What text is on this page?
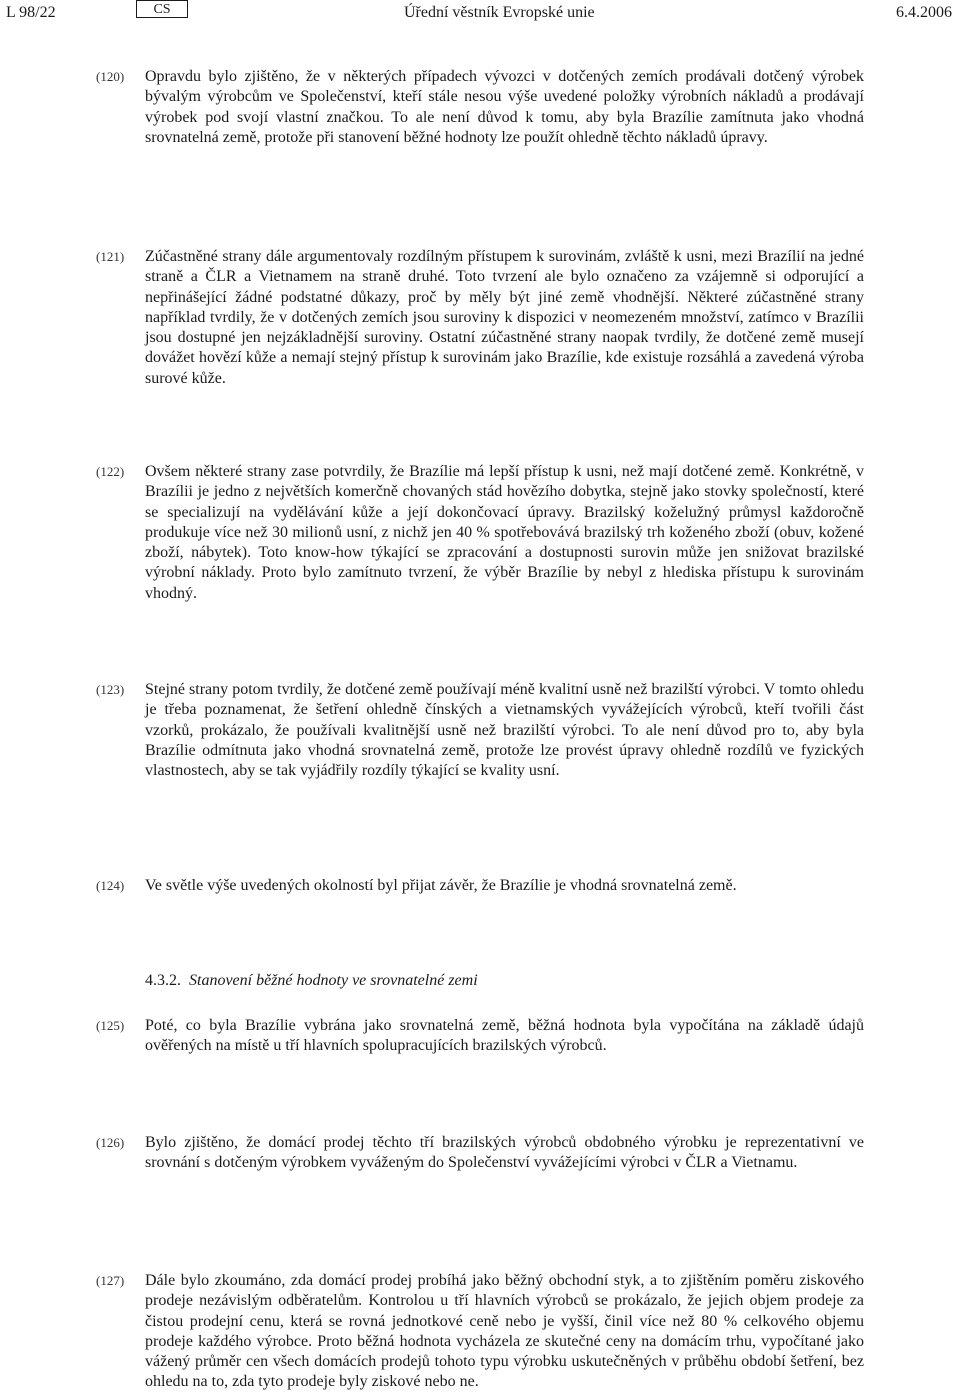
L 98/22	CS	Úřední věstník Evropské unie	6.4.2006
(120) Opravdu bylo zjištěno, že v některých případech vývozci v dotčených zemích prodávali dotčený výrobek bývalým výrobcům ve Společenství, kteří stále nesou výše uvedené položky výrobních nákladů a prodávají výrobek pod svojí vlastní značkou. To ale není důvod k tomu, aby byla Brazílie zamítnuta jako vhodná srovnatelná země, protože při stanovení běžné hodnoty lze použít ohledně těchto nákladů úpravy.
(121) Zúčastněné strany dále argumentovaly rozdílným přístupem k surovinám, zvláště k usni, mezi Brazílií na jedné straně a ČLR a Vietnamem na straně druhé. Toto tvrzení ale bylo označeno za vzájemně si odporující a nepřinášející žádné podstatné důkazy, proč by měly být jiné země vhodnější. Některé zúčastněné strany například tvrdily, že v dotčených zemích jsou suroviny k dispozici v neomezeném množství, zatímco v Brazílii jsou dostupné jen nejzákladnější suroviny. Ostatní zúčastněné strany naopak tvrdily, že dotčené země musejí dovážet hovězí kůže a nemají stejný přístup k surovinám jako Brazílie, kde existuje rozsáhlá a zavedená výroba surové kůže.
(122) Ovšem některé strany zase potvrdily, že Brazílie má lepší přístup k usni, než mají dotčené země. Konkrétně, v Brazílii je jedno z největších komerčně chovaných stád hovězího dobytka, stejně jako stovky společností, které se specializují na vydělávání kůže a její dokončovací úpravy. Brazilský koželužný průmysl každoročně produkuje více než 30 milionů usní, z nichž jen 40 % spotřebovává brazilský trh koženého zboží (obuv, kožené zboží, nábytek). Toto know-how týkající se zpracování a dostupnosti surovin může jen snižovat brazilské výrobní náklady. Proto bylo zamítnuto tvrzení, že výběr Brazílie by nebyl z hlediska přístupu k surovinám vhodný.
(123) Stejné strany potom tvrdily, že dotčené země používají méně kvalitní usně než brazilští výrobci. V tomto ohledu je třeba poznamenat, že šetření ohledně čínských a vietnamských vyvážejících výrobců, kteří tvořili část vzorků, prokázalo, že používali kvalitnější usně než brazilští výrobci. To ale není důvod pro to, aby byla Brazílie odmítnuta jako vhodná srovnatelná země, protože lze provést úpravy ohledně rozdílů ve fyzických vlastnostech, aby se tak vyjádřily rozdíly týkající se kvality usní.
(124) Ve světle výše uvedených okolností byl přijat závěr, že Brazílie je vhodná srovnatelná země.
4.3.2. Stanovení běžné hodnoty ve srovnatelné zemi
(125) Poté, co byla Brazílie vybrána jako srovnatelná země, běžná hodnota byla vypočítána na základě údajů ověřených na místě u tří hlavních spolupracujících brazilských výrobců.
(126) Bylo zjištěno, že domácí prodej těchto tří brazilských výrobců obdobného výrobku je reprezentativní ve srovnání s dotčeným výrobkem vyváženým do Společenství vyvážejícími výrobci v ČLR a Vietnamu.
(127) Dále bylo zkoumáno, zda domácí prodej probíhá jako běžný obchodní styk, a to zjištěním poměru ziskového prodeje nezávislým odběratelům. Kontrolou u tří hlavních výrobců se prokázalo, že jejich objem prodeje za čistou prodejní cenu, která se rovná jednotkové ceně nebo je vyšší, činil více než 80 % celkového objemu prodeje každého výrobce. Proto běžná hodnota vycházela ze skutečné ceny na domácím trhu, vypočítané jako vážený průměr cen všech domácích prodejů tohoto typu výrobku uskutečněných v průběhu období šetření, bez ohledu na to, zda tyto prodeje byly ziskové nebo ne.
